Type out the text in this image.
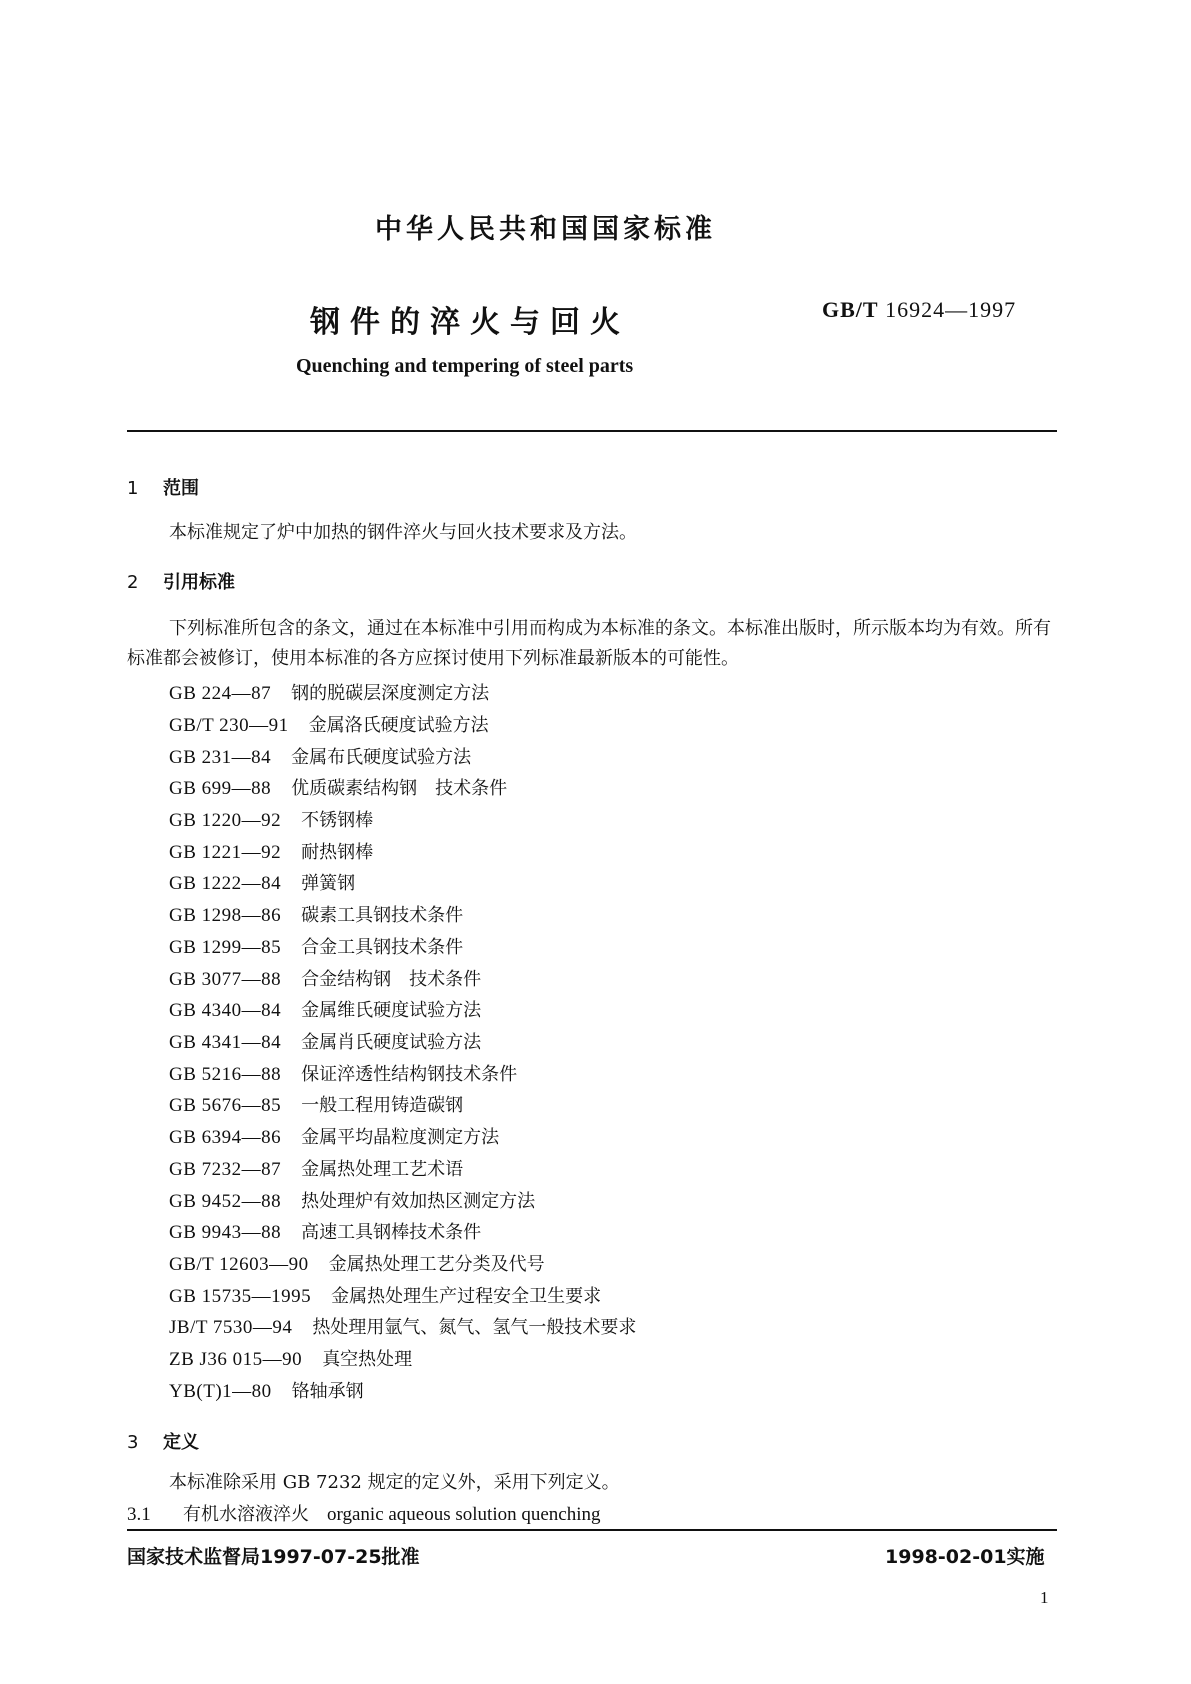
中华人民共和国国家标准
钢件的淬火与回火	GB/T 16924—1997
Quenching and tempering of steel parts
1 范围
本标准规定了炉中加热的钢件淬火与回火技术要求及方法。
2 引用标准
下列标准所包含的条文，通过在本标准中引用而构成为本标准的条文。本标准出版时，所示版本均为有效。所有标准都会被修订，使用本标准的各方应探讨使用下列标准最新版本的可能性。
GB 224—87 钢的脱碳层深度测定方法
GB/T 230—91 金属洛氏硬度试验方法
GB 231—84 金属布氏硬度试验方法
GB 699—88 优质碳素结构钢　技术条件
GB 1220—92 不锈钢棒
GB 1221—92 耐热钢棒
GB 1222—84 弹簧钢
GB 1298—86 碳素工具钢技术条件
GB 1299—85 合金工具钢技术条件
GB 3077—88 合金结构钢　技术条件
GB 4340—84 金属维氏硬度试验方法
GB 4341—84 金属肖氏硬度试验方法
GB 5216—88 保证淬透性结构钢技术条件
GB 5676—85 一般工程用铸造碳钢
GB 6394—86 金属平均晶粒度测定方法
GB 7232—87 金属热处理工艺术语
GB 9452—88 热处理炉有效加热区测定方法
GB 9943—88 高速工具钢棒技术条件
GB/T 12603—90 金属热处理工艺分类及代号
GB 15735—1995 金属热处理生产过程安全卫生要求
JB/T 7530—94 热处理用氩气、氮气、氢气一般技术要求
ZB J36 015—90 真空热处理
YB(T)1—80 铬轴承钢
3 定义
本标准除采用 GB 7232 规定的定义外，采用下列定义。
3.1 有机水溶液淬火 organic aqueous solution quenching
国家技术监督局1997-07-25批准	1998-02-01实施
1
